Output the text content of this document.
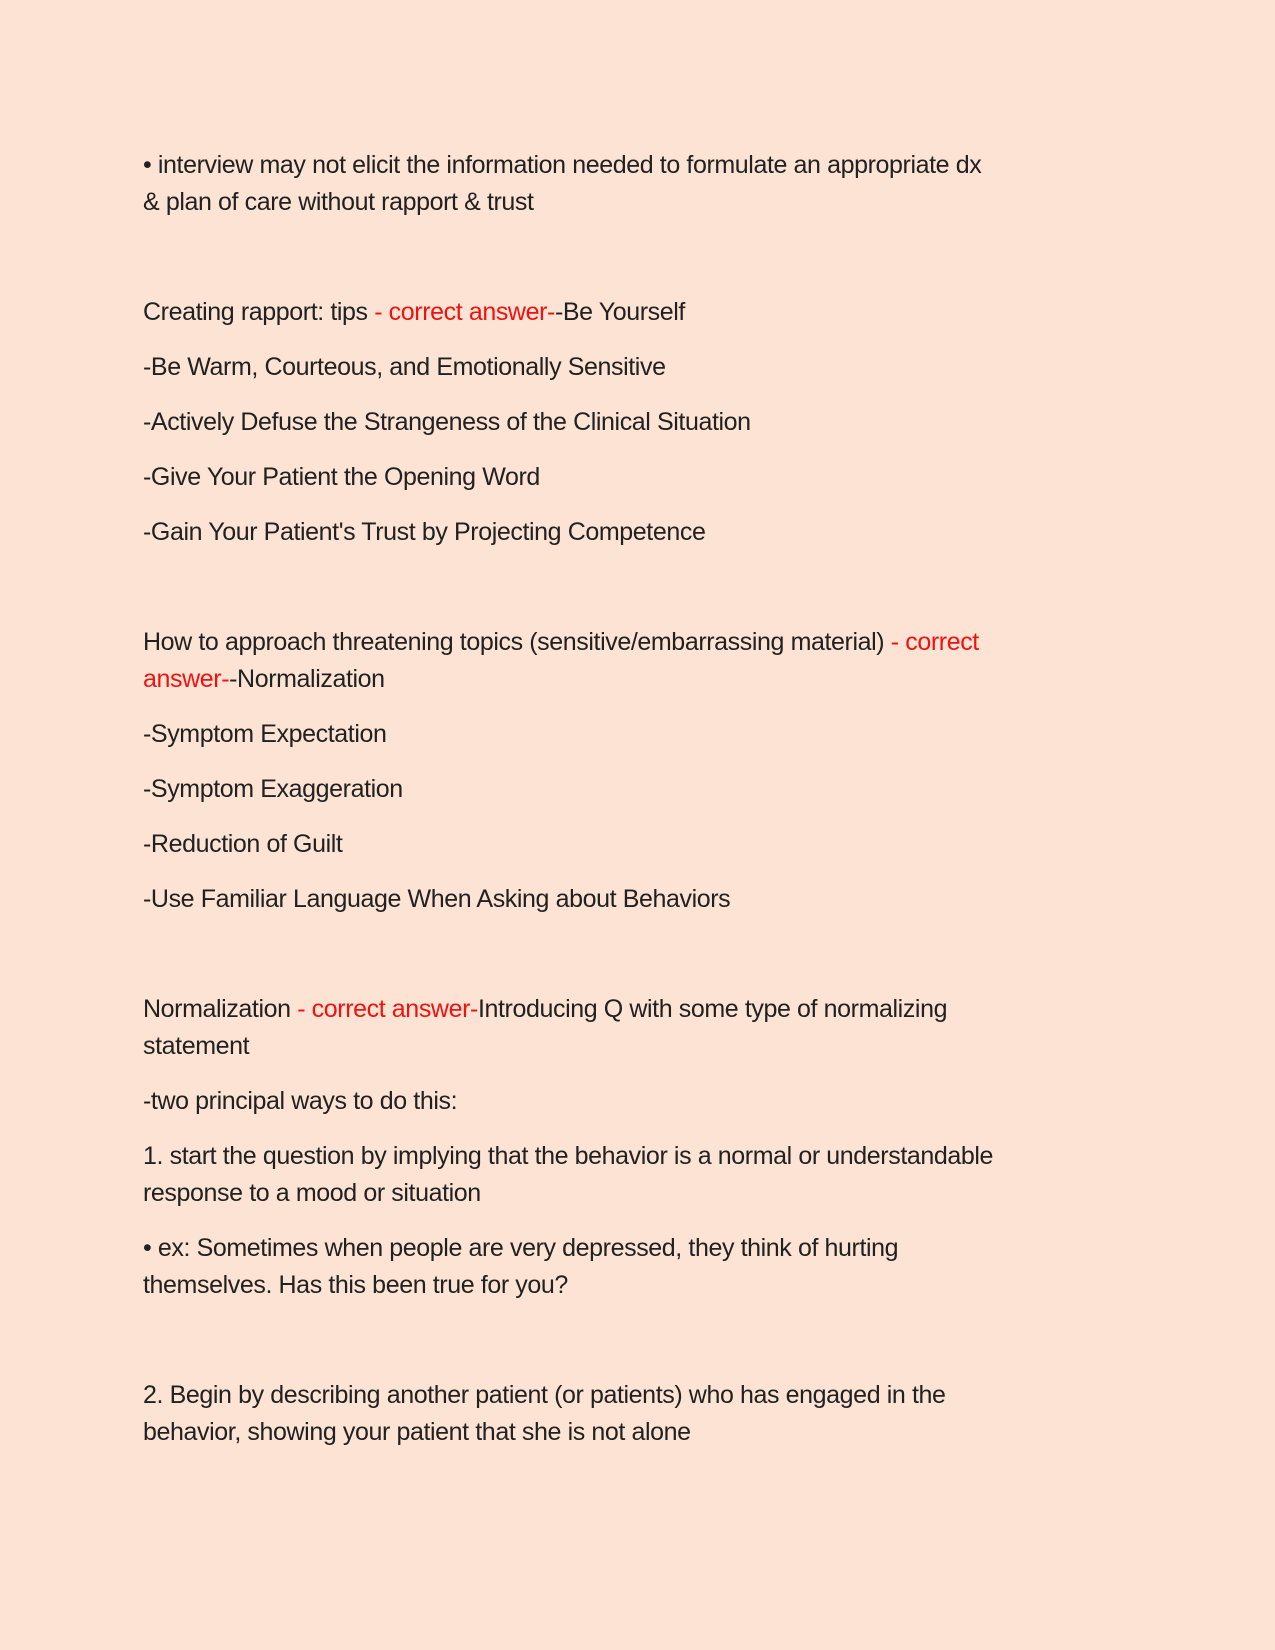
• interview may not elicit the information needed to formulate an appropriate dx
& plan of care without rapport & trust

Creating rapport: tips - correct answer--Be Yourself

-Be Warm, Courteous, and Emotionally Sensitive

-Actively Defuse the Strangeness of the Clinical Situation

-Give Your Patient the Opening Word

-Gain Your Patient's Trust by Projecting Competence

How to approach threatening topics (sensitive/embarrassing material) - correct
answer--Normalization

-Symptom Expectation

-Symptom Exaggeration

-Reduction of Guilt

-Use Familiar Language When Asking about Behaviors

Normalization - correct answer-Introducing Q with some type of normalizing
statement

-two principal ways to do this:

1. start the question by implying that the behavior is a normal or understandable
response to a mood or situation

• ex: Sometimes when people are very depressed, they think of hurting
themselves. Has this been true for you?

2. Begin by describing another patient (or patients) who has engaged in the
behavior, showing your patient that she is not alone
